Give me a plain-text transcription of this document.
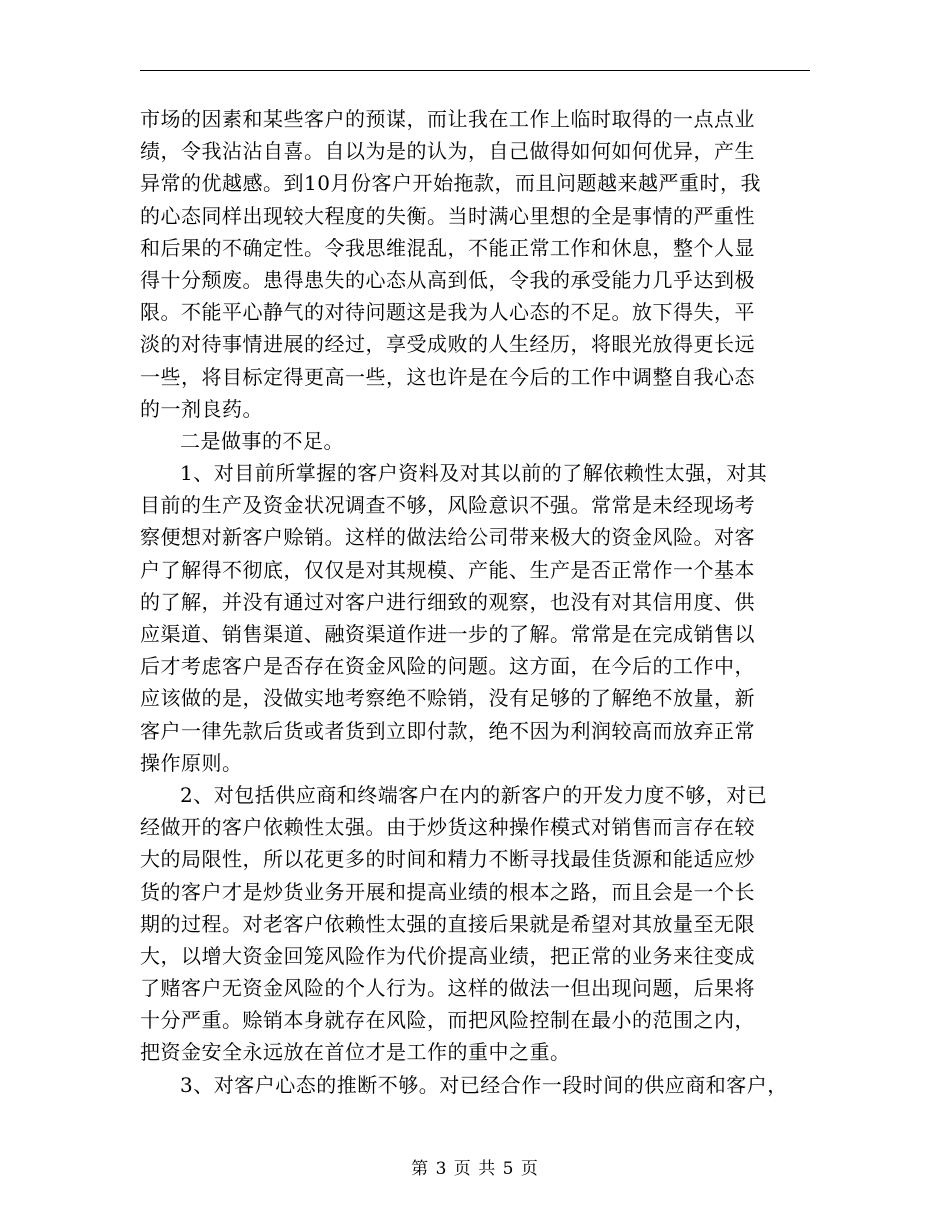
市场的因素和某些客户的预谋，而让我在工作上临时取得的一点点业
绩，令我沾沾自喜。自以为是的认为，自己做得如何如何优异，产生
异常的优越感。到10月份客户开始拖款，而且问题越来越严重时，我
的心态同样出现较大程度的失衡。当时满心里想的全是事情的严重性
和后果的不确定性。令我思维混乱，不能正常工作和休息，整个人显
得十分颓废。患得患失的心态从高到低，令我的承受能力几乎达到极
限。不能平心静气的对待问题这是我为人心态的不足。放下得失，平
淡的对待事情进展的经过，享受成败的人生经历，将眼光放得更长远
一些，将目标定得更高一些，这也许是在今后的工作中调整自我心态
的一剂良药。
二是做事的不足。
1、对目前所掌握的客户资料及对其以前的了解依赖性太强，对其
目前的生产及资金状况调查不够，风险意识不强。常常是未经现场考
察便想对新客户赊销。这样的做法给公司带来极大的资金风险。对客
户了解得不彻底，仅仅是对其规模、产能、生产是否正常作一个基本
的了解，并没有通过对客户进行细致的观察，也没有对其信用度、供
应渠道、销售渠道、融资渠道作进一步的了解。常常是在完成销售以
后才考虑客户是否存在资金风险的问题。这方面，在今后的工作中，
应该做的是，没做实地考察绝不赊销，没有足够的了解绝不放量，新
客户一律先款后货或者货到立即付款，绝不因为利润较高而放弃正常
操作原则。
2、对包括供应商和终端客户在内的新客户的开发力度不够，对已
经做开的客户依赖性太强。由于炒货这种操作模式对销售而言存在较
大的局限性，所以花更多的时间和精力不断寻找最佳货源和能适应炒
货的客户才是炒货业务开展和提高业绩的根本之路，而且会是一个长
期的过程。对老客户依赖性太强的直接后果就是希望对其放量至无限
大，以增大资金回笼风险作为代价提高业绩，把正常的业务来往变成
了赌客户无资金风险的个人行为。这样的做法一但出现问题，后果将
十分严重。赊销本身就存在风险，而把风险控制在最小的范围之内，
把资金安全永远放在首位才是工作的重中之重。
3、对客户心态的推断不够。对已经合作一段时间的供应商和客户，
第 3 页 共 5 页
